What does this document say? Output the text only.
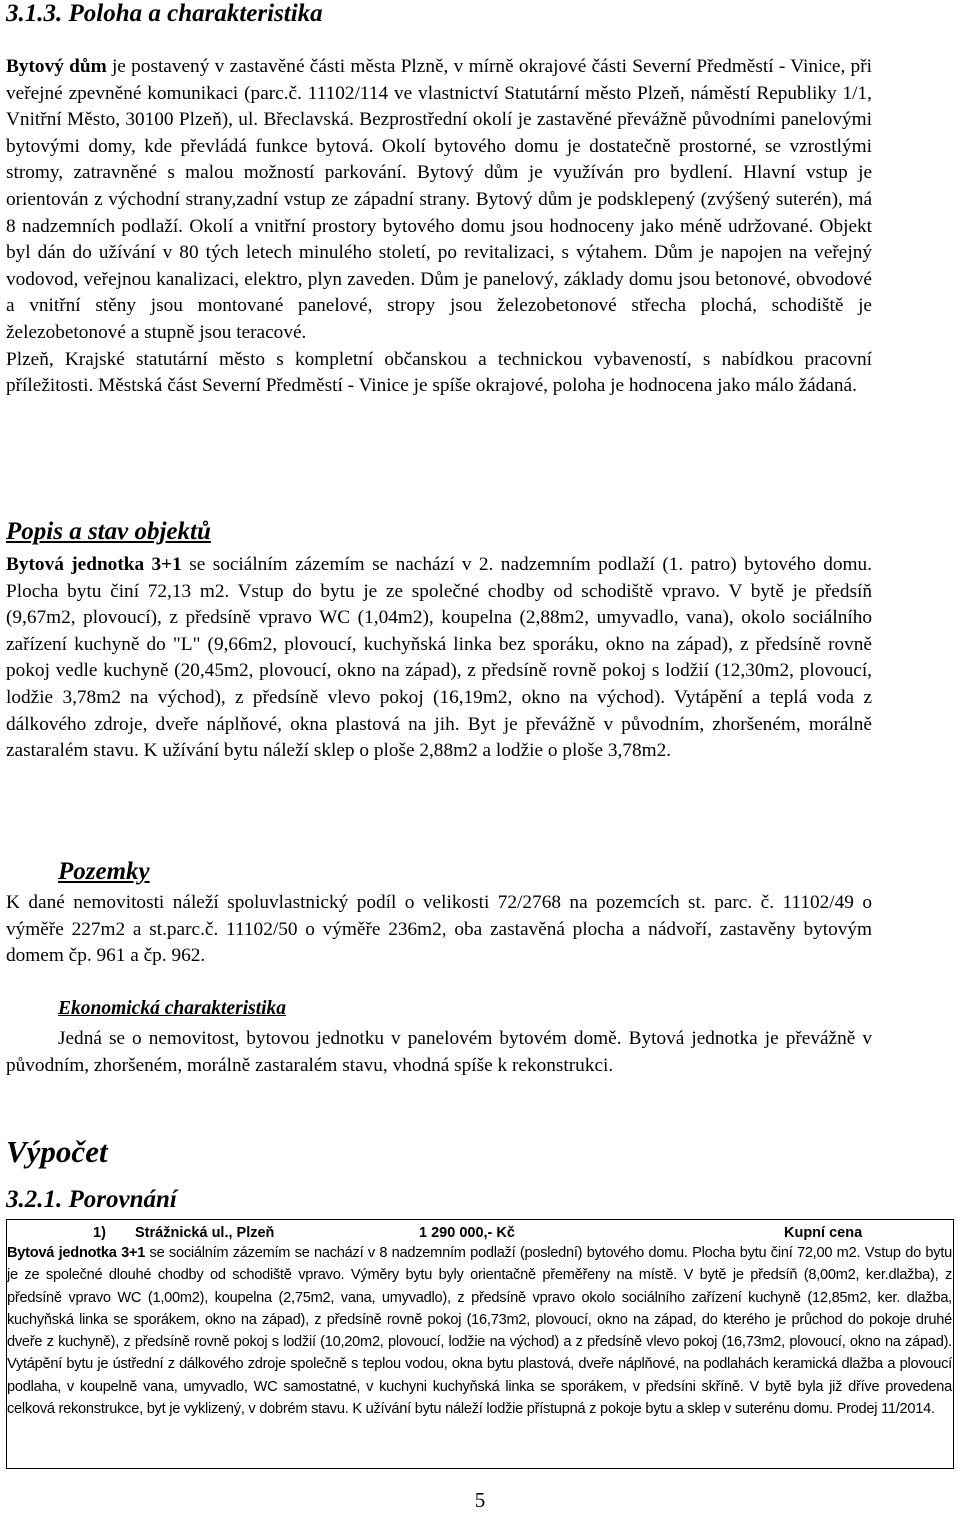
3.1.3. Poloha a charakteristika

Bytový dům je postavený v zastavěné části města Plzně, v mírně okrajové části Severní Předměstí - Vinice, při veřejné zpevněné komunikaci (parc.č. 11102/114 ve vlastnictví Statutární město Plzeň, náměstí Republiky 1/1, Vnitřní Město, 30100 Plzeň), ul. Břeclavská. Bezprostřední okolí je zastavěné převážně původními panelovými bytovými domy, kde převládá funkce bytová. Okolí bytového domu je dostatečně prostorné, se vzrostlými stromy, zatravněné s malou možností parkování. Bytový dům je využíván pro bydlení. Hlavní vstup je orientován z východní strany,zadní vstup ze západní strany. Bytový dům je podsklepený (zvýšený suterén), má 8 nadzemních podlaží. Okolí a vnitřní prostory bytového domu jsou hodnoceny jako méně udržované. Objekt byl dán do užívání v 80 tých letech minulého století, po revitalizaci, s výtahem. Dům je napojen na veřejný vodovod, veřejnou kanalizaci, elektro, plyn zaveden. Dům je panelový, základy domu jsou betonové, obvodové a vnitřní stěny jsou montované panelové, stropy jsou železobetonové střecha plochá, schodiště je železobetonové a stupně jsou teracové.

Plzeň, Krajské statutární město s kompletní občanskou a technickou vybaveností, s nabídkou pracovní příležitosti. Městská část Severní Předměstí - Vinice je spíše okrajové, poloha je hodnocena jako málo žádaná.

Popis a stav objektů

Bytová jednotka 3+1 se sociálním zázemím se nachází v 2. nadzemním podlaží (1. patro) bytového domu. Plocha bytu činí 72,13 m2. Vstup do bytu je ze společné chodby od schodiště vpravo. V bytě je předsíň (9,67m2, plovoucí), z předsíně vpravo WC (1,04m2), koupelna (2,88m2, umyvadlo, vana), okolo sociálního zařízení kuchyně do "L" (9,66m2, plovoucí, kuchyňská linka bez sporáku, okno na západ), z předsíně rovně pokoj vedle kuchyně (20,45m2, plovoucí, okno na západ), z předsíně rovně pokoj s lodžií (12,30m2, plovoucí, lodžie 3,78m2 na východ), z předsíně vlevo pokoj (16,19m2, okno na východ). Vytápění a teplá voda z dálkového zdroje, dveře náplňové, okna plastová na jih. Byt je převážně v původním, zhoršeném, morálně zastaralém stavu. K užívání bytu náleží sklep o ploše 2,88m2 a lodžie o ploše 3,78m2.

Pozemky

K dané nemovitosti náleží spoluvlastnický podíl o velikosti 72/2768 na pozemcích st. parc. č. 11102/49 o výměře 227m2 a st.parc.č. 11102/50 o výměře 236m2, oba zastavěná plocha a nádvoří, zastavěny bytovým domem čp. 961 a čp. 962.

Ekonomická charakteristika

Jedná se o nemovitost, bytovou jednotku v panelovém bytovém domě. Bytová jednotka je převážně v původním, zhoršeném, morálně zastaralém stavu, vhodná spíše k rekonstrukci.

Výpočet
3.2.1. Porovnání
1) Strážnická ul., Plzeň	1 290 000,- Kč	Kupní cena

Bytová jednotka 3+1 se sociálním zázemím se nachází v 8 nadzemním podlaží (poslední) bytového domu. Plocha bytu činí 72,00 m2. Vstup do bytu je ze společné dlouhé chodby od schodiště vpravo. Výměry bytu byly orientačně přeměřeny na místě. V bytě je předsíň (8,00m2, ker.dlažba), z předsíně vpravo WC (1,00m2), koupelna (2,75m2, vana, umyvadlo), z předsíně vpravo okolo sociálního zařízení kuchyně (12,85m2, ker. dlažba, kuchyňská linka se sporákem, okno na západ), z předsíně rovně pokoj (16,73m2, plovoucí, okno na západ, do kterého je průchod do pokoje druhé dveře z kuchyně), z předsíně rovně pokoj s lodžií (10,20m2, plovoucí, lodžie na východ) a z předsíně vlevo pokoj (16,73m2, plovoucí, okno na západ). Vytápění bytu je ústřední z dálkového zdroje společně s teplou vodou, okna bytu plastová, dveře náplňové, na podlahách keramická dlažba a plovoucí podlaha, v koupelně vana, umyvadlo, WC samostatné, v kuchyni kuchyňská linka se sporákem, v předsíni skříně. V bytě byla již dříve provedena celková rekonstrukce, byt je vyklizený, v dobrém stavu. K užívání bytu náleží lodžie přístupná z pokoje bytu a sklep v suterénu domu. Prodej 11/2014.

5
